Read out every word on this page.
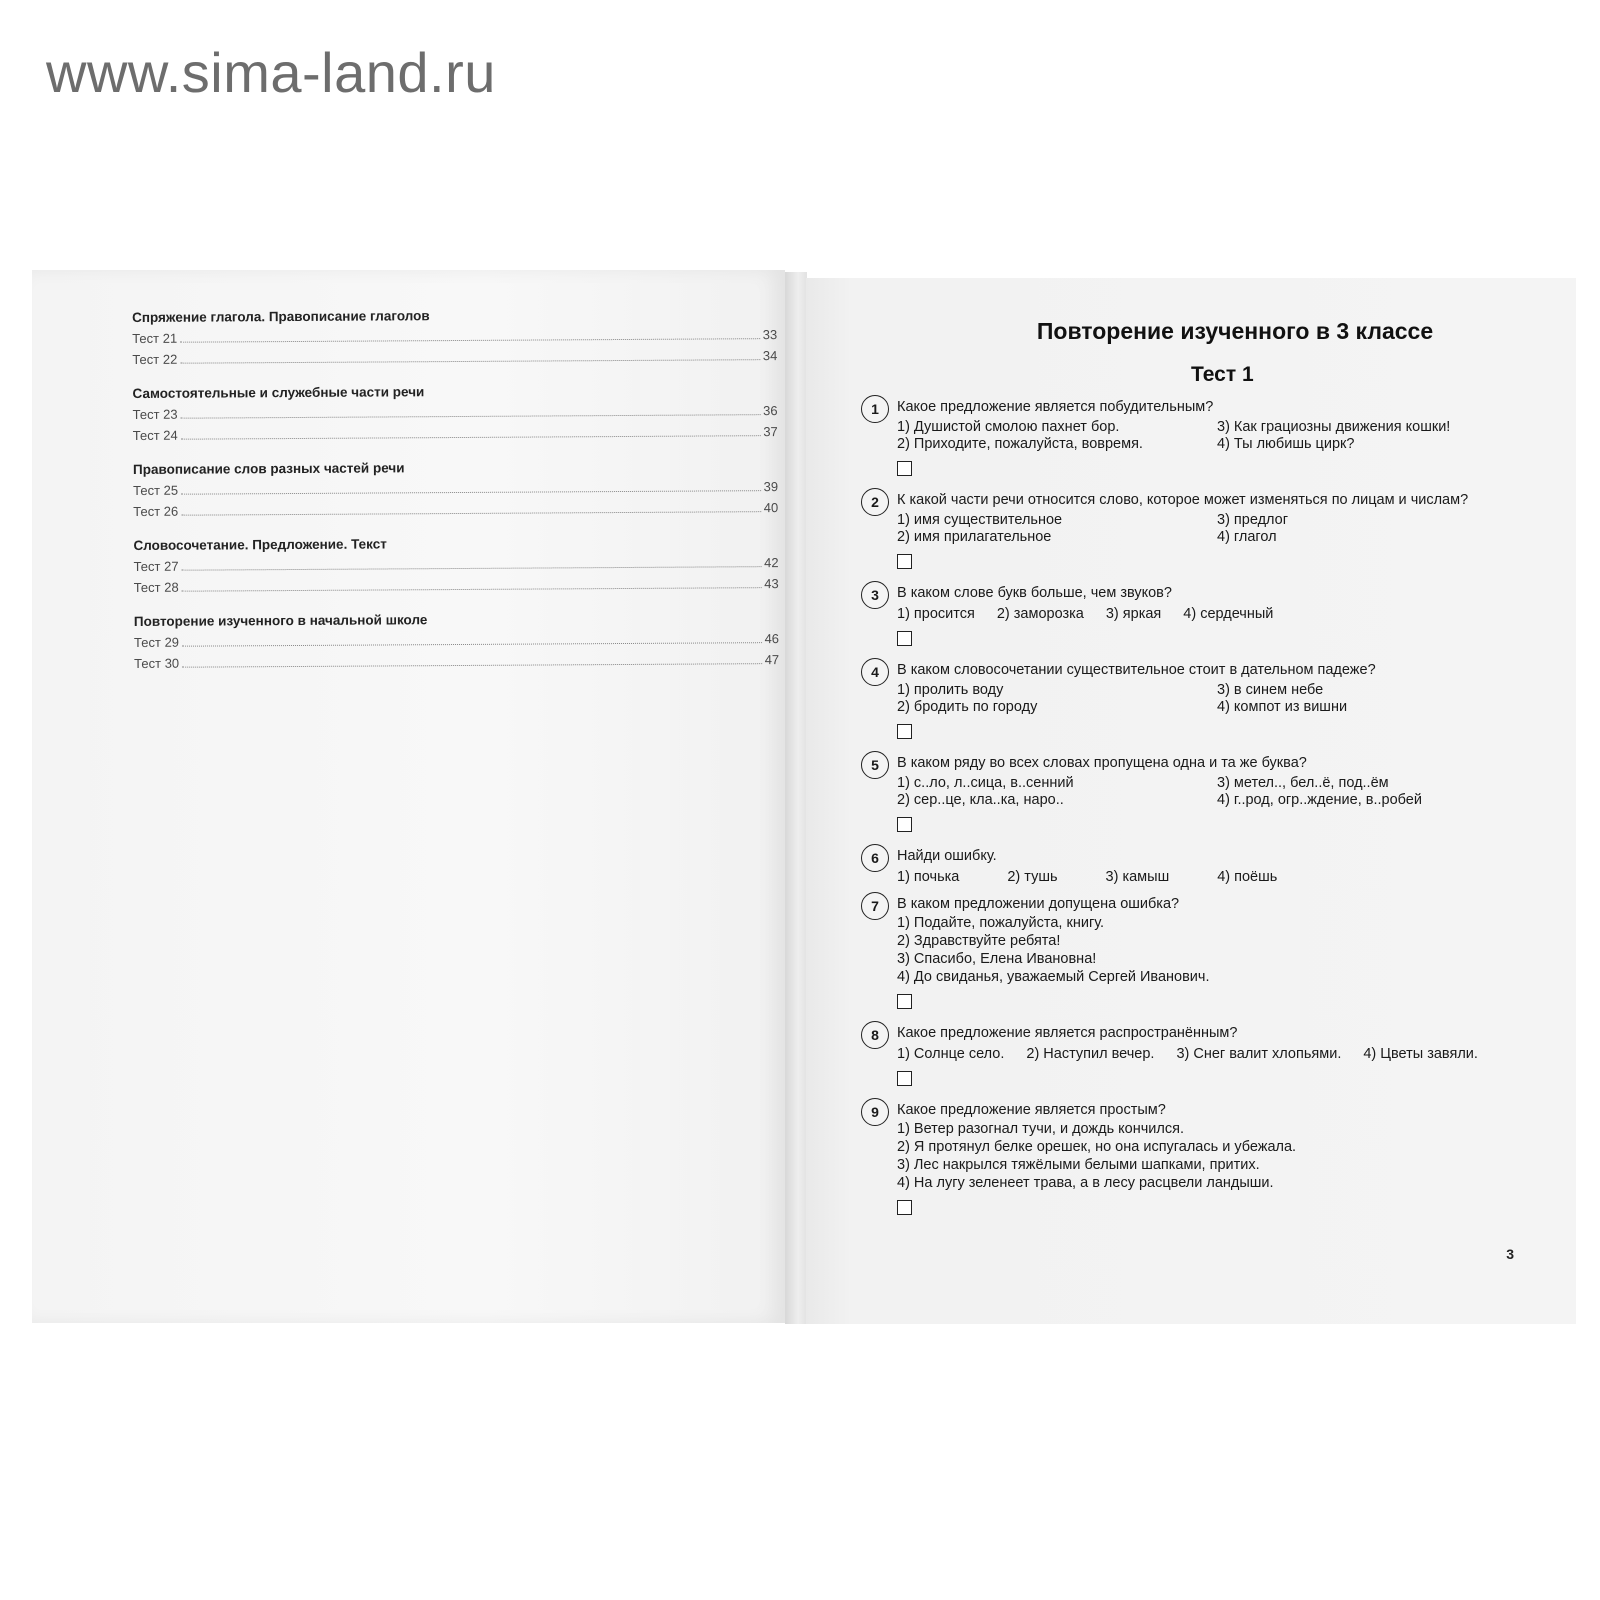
www.sima-land.ru
Спряжение глагола. Правописание глаголов
Тест 21	33
Тест 22	34
Самостоятельные и служебные части речи
Тест 23	36
Тест 24	37
Правописание слов разных частей речи
Тест 25	39
Тест 26	40
Словосочетание. Предложение. Текст
Тест 27	42
Тест 28	43
Повторение изученного в начальной школе
Тест 29	46
Тест 30	47
Повторение изученного в 3 классе
Тест 1
1	Какое предложение является побудительным?
1) Душистой смолою пахнет бор.	3) Как грациозны движения кошки!
2) Приходите, пожалуйста, вовремя.	4) Ты любишь цирк?
2	К какой части речи относится слово, которое может изменяться по лицам и числам?
1) имя существительное	3) предлог
2) имя прилагательное	4) глагол
3	В каком слове букв больше, чем звуков?
1) просится 2) заморозка 3) яркая 4) сердечный
4	В каком словосочетании существительное стоит в дательном падеже?
1) пролить воду	3) в синем небе
2) бродить по городу	4) компот из вишни
5	В каком ряду во всех словах пропущена одна и та же буква?
1) с..ло, л..сица, в..сенний	3) метел.., бел..ё, под..ём
2) сер..це, кла..ка, наро..	4) г..род, огр..ждение, в..робей
6	Найди ошибку.
1) почька	2) тушь	3) камыш	4) поёшь
7	В каком предложении допущена ошибка?
1) Подайте, пожалуйста, книгу.
2) Здравствуйте ребята!
3) Спасибо, Елена Ивановна!
4) До свиданья, уважаемый Сергей Иванович.
8	Какое предложение является распространённым?
1) Солнце село. 2) Наступил вечер. 3) Снег валит хлопьями. 4) Цветы завяли.
9	Какое предложение является простым?
1) Ветер разогнал тучи, и дождь кончился.
2) Я протянул белке орешек, но она испугалась и убежала.
3) Лес накрылся тяжёлыми белыми шапками, притих.
4) На лугу зеленеет трава, а в лесу расцвели ландыши.
3
